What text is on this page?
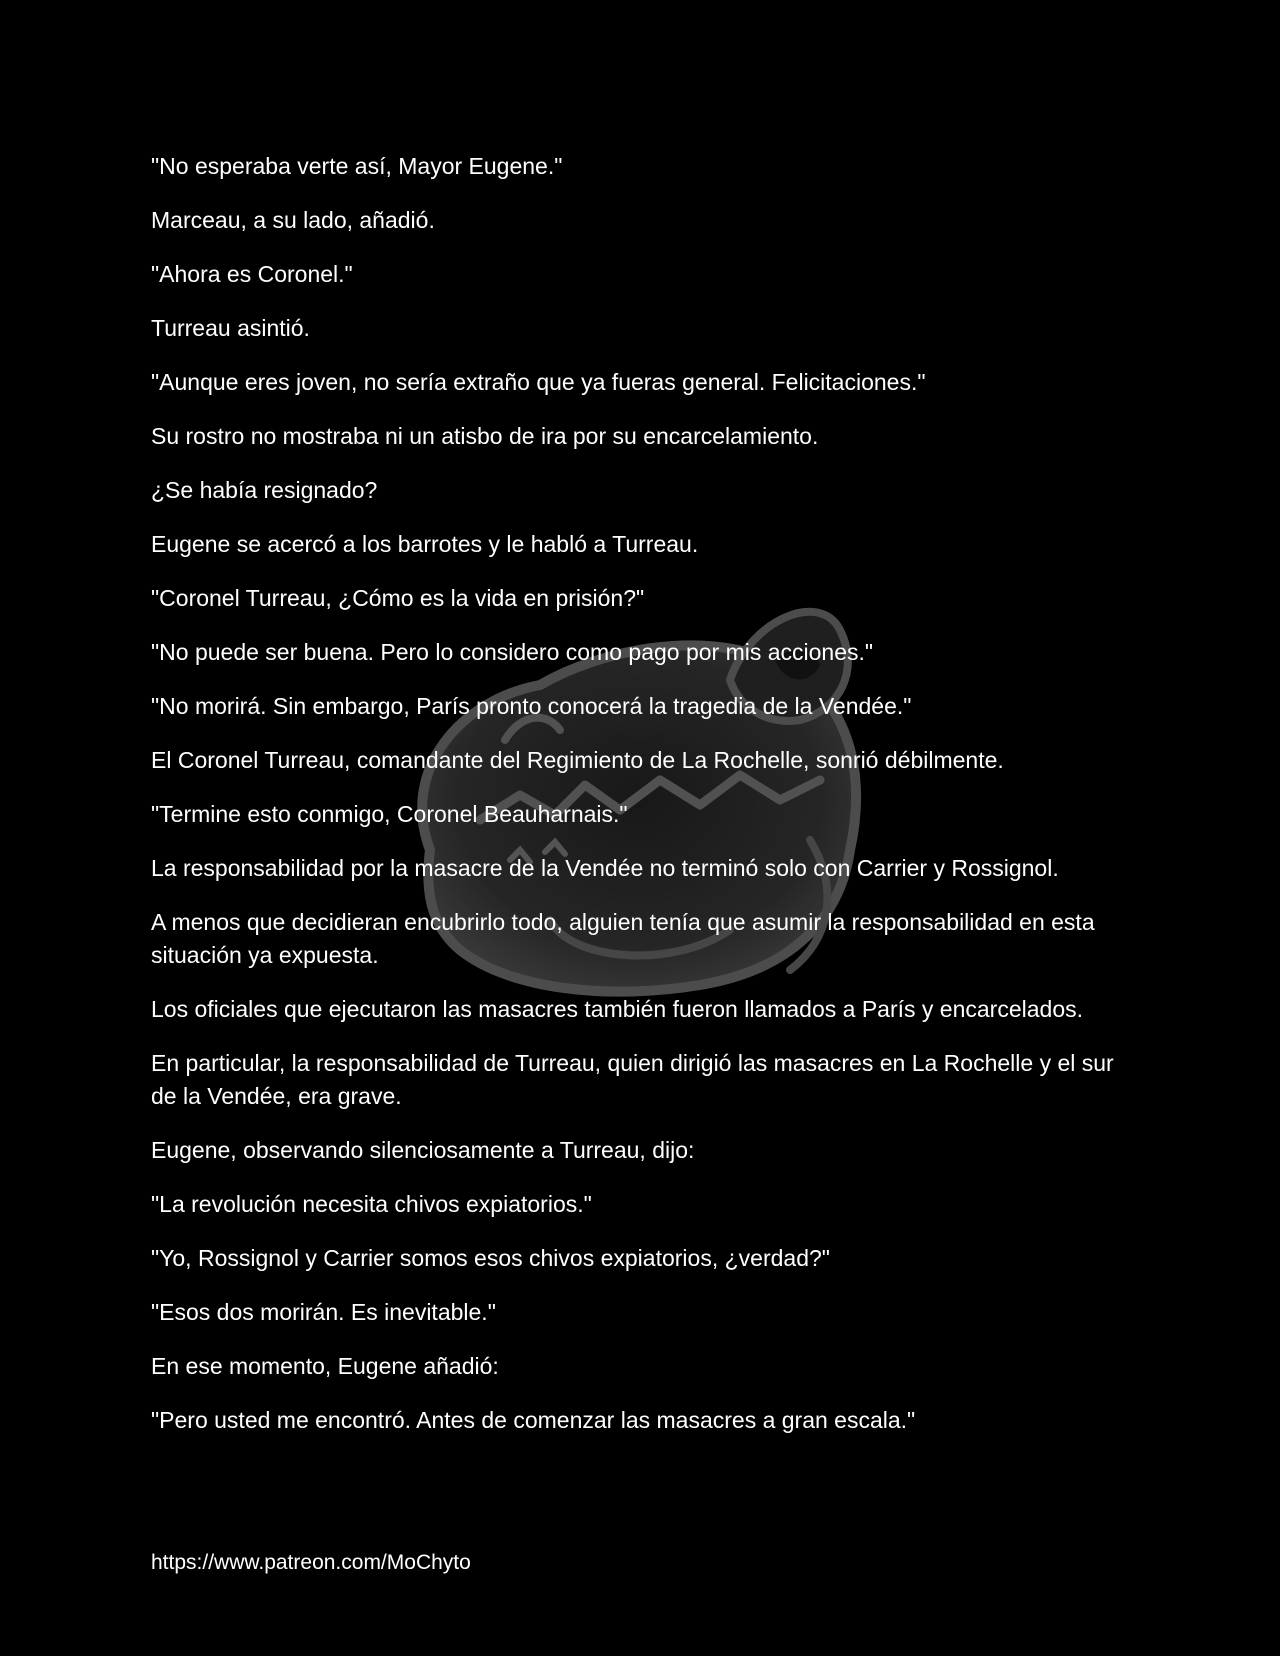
"No esperaba verte así, Mayor Eugene."

Marceau, a su lado, añadió.

"Ahora es Coronel."

Turreau asintió.

"Aunque eres joven, no sería extraño que ya fueras general. Felicitaciones."

Su rostro no mostraba ni un atisbo de ira por su encarcelamiento.

¿Se había resignado?

Eugene se acercó a los barrotes y le habló a Turreau.

"Coronel Turreau, ¿Cómo es la vida en prisión?"

"No puede ser buena. Pero lo considero como pago por mis acciones."

"No morirá. Sin embargo, París pronto conocerá la tragedia de la Vendée."

El Coronel Turreau, comandante del Regimiento de La Rochelle, sonrió débilmente.

"Termine esto conmigo, Coronel Beauharnais."

La responsabilidad por la masacre de la Vendée no terminó solo con Carrier y Rossignol.

A menos que decidieran encubrirlo todo, alguien tenía que asumir la responsabilidad en esta situación ya expuesta.

Los oficiales que ejecutaron las masacres también fueron llamados a París y encarcelados.

En particular, la responsabilidad de Turreau, quien dirigió las masacres en La Rochelle y el sur de la Vendée, era grave.

Eugene, observando silenciosamente a Turreau, dijo:

"La revolución necesita chivos expiatorios."

"Yo, Rossignol y Carrier somos esos chivos expiatorios, ¿verdad?"

"Esos dos morirán. Es inevitable."

En ese momento, Eugene añadió:

"Pero usted me encontró. Antes de comenzar las masacres a gran escala."

https://www.patreon.com/MoChyto
